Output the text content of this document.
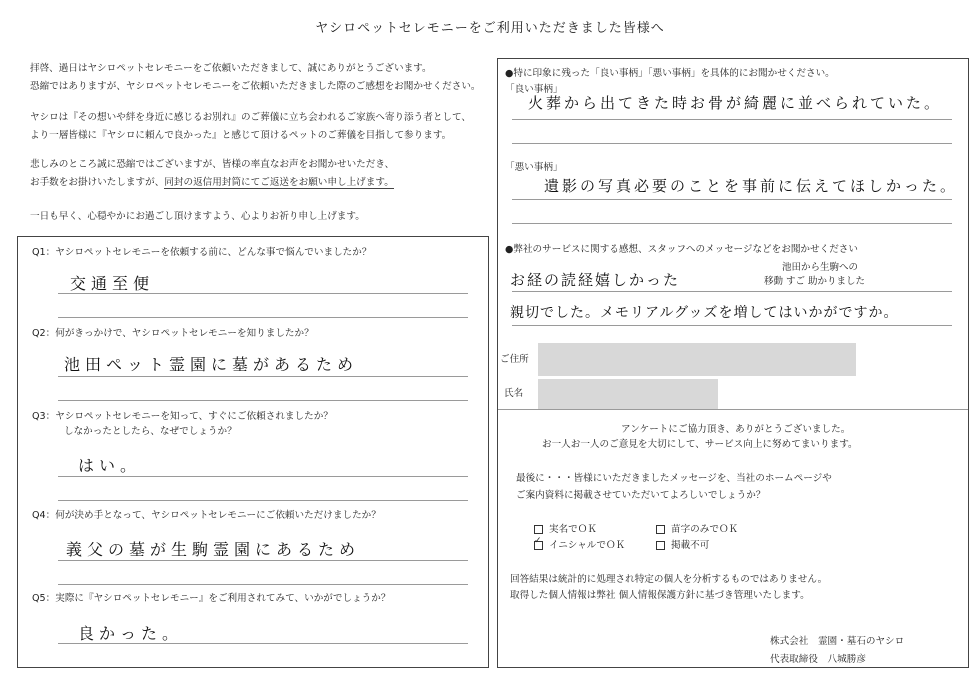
ヤシロペットセレモニーをご利用いただきました皆様へ
拝啓、過日はヤシロペットセレモニーをご依頼いただきまして、誠にありがとうございます。
恐縮ではありますが、ヤシロペットセレモニーをご依頼いただきました際のご感想をお聞かせください。
ヤシロは『その想いや絆を身近に感じるお別れ』のご葬儀に立ち会われるご家族へ寄り添う者として、
より一層皆様に『ヤシロに頼んで良かった』と感じて頂けるペットのご葬儀を目指して参ります。
悲しみのところ誠に恐縮ではございますが、皆様の率直なお声をお聞かせいただき、
お手数をお掛けいたしますが、同封の返信用封筒にてご返送をお願い申し上げます。
一日も早く、心穏やかにお過ごし頂けますよう、心よりお祈り申し上げます。
Q1：ヤシロペットセレモニーを依頼する前に、どんな事で悩んでいましたか？
交通至便
Q2：何がきっかけで、ヤシロペットセレモニーを知りましたか？
池田ペット霊園に墓があるため
Q3：ヤシロペットセレモニーを知って、すぐにご依頼されましたか？
しなかったとしたら、なぜでしょうか？
はい。
Q4：何が決め手となって、ヤシロペットセレモニーにご依頼いただけましたか？
義父の墓が生駒霊園にあるため
Q5：実際に『ヤシロペットセレモニー』をご利用されてみて、いかがでしょうか？
良かった。
●特に印象に残った「良い事柄」「悪い事柄」を具体的にお聞かせください。
「良い事柄」
火葬から出てきた時お骨が綺麗に並べられていた。
「悪い事柄」
遺影の写真必要のことを事前に伝えてほしかった。
●弊社のサービスに関する感想、スタッフへのメッセージなどをお聞かせください
お経の読経嬉しかった
池田から生駒への
移動 すご 助かりました
親切でした。メモリアルグッズを増してはいかがですか。
ご住所
氏名
アンケートにご協力頂き、ありがとうございました。
お一人お一人のご意見を大切にして、サービス向上に努めてまいります。
最後に・・・皆様にいただきましたメッセージを、当社のホームページや
ご案内資料に掲載させていただいてよろしいでしょうか？
実名でＯＫ	苗字のみでＯＫ
✓ イニシャルでＯＫ	掲載不可
回答結果は統計的に処理され特定の個人を分析するものではありません。
取得した個人情報は弊社 個人情報保護方針に基づき管理いたします。
株式会社　霊園・墓石のヤシロ
代表取締役　八城勝彦
